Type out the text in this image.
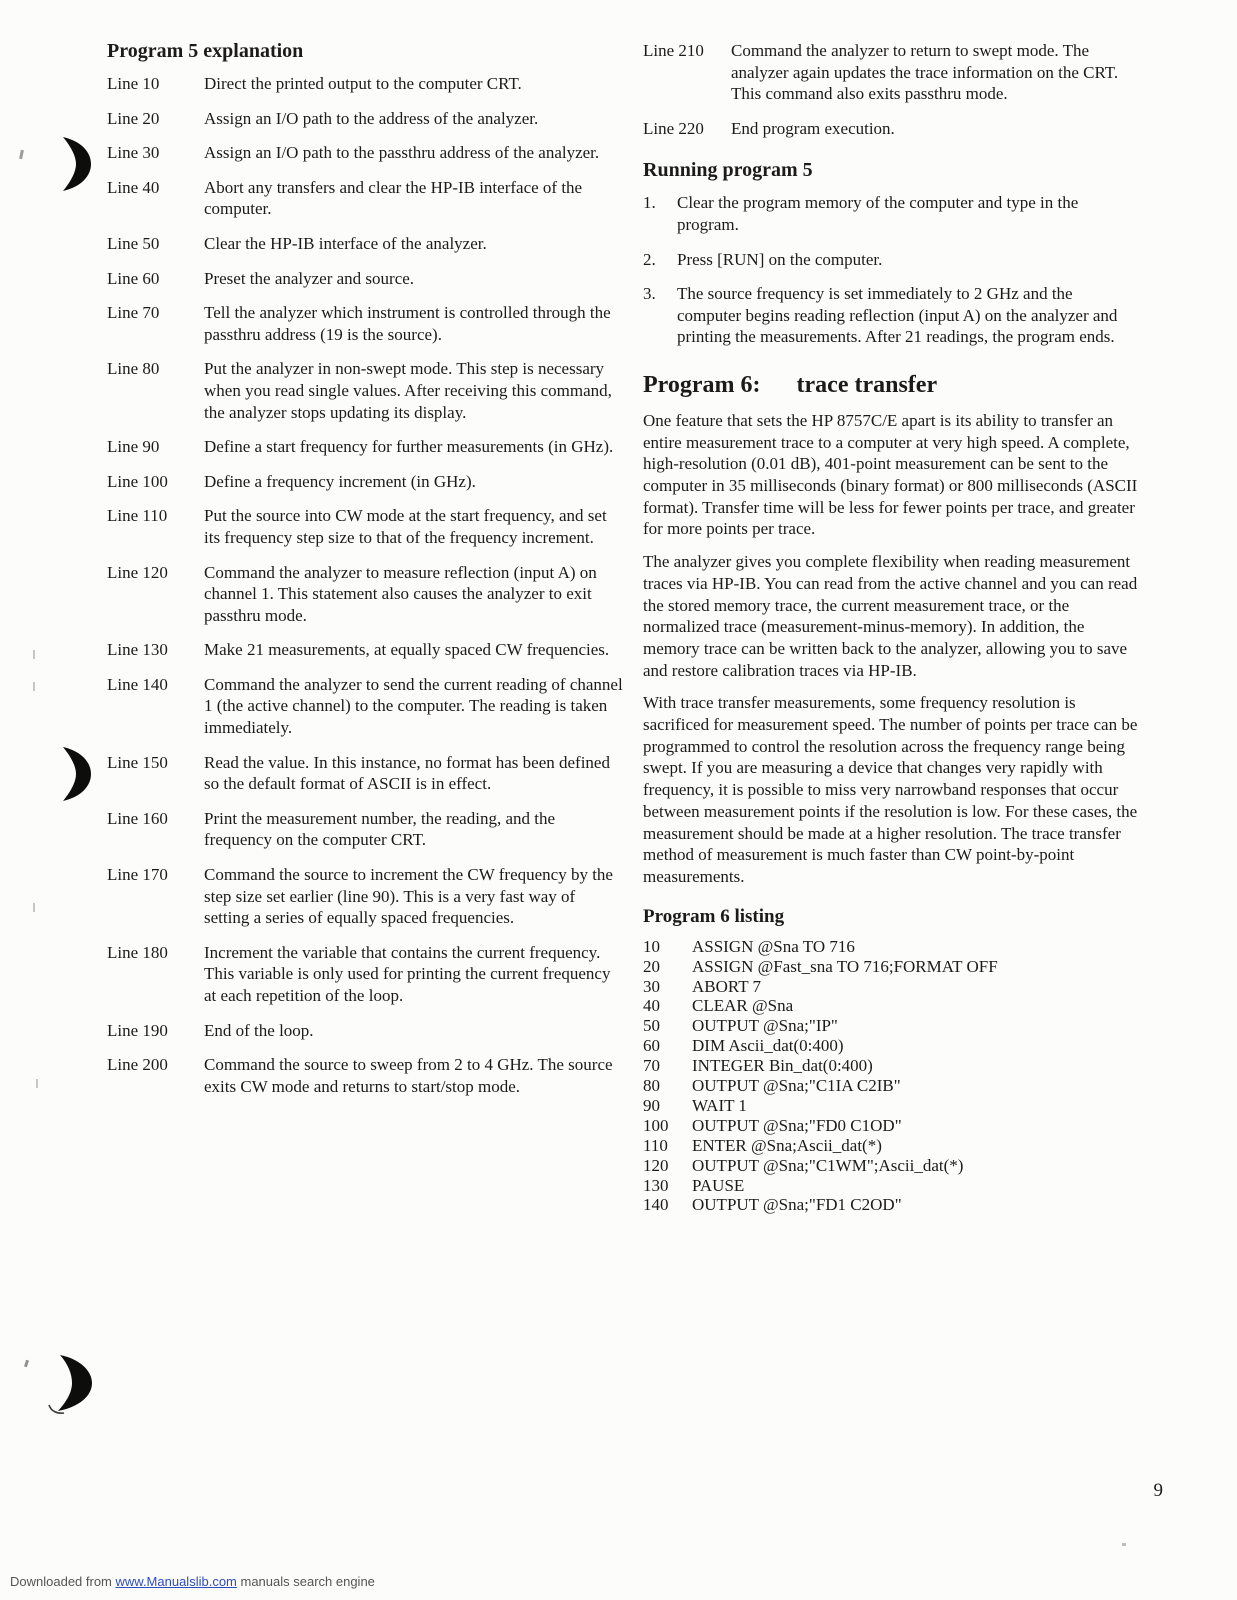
Program 5 explanation
Line 10	Direct the printed output to the computer CRT.
Line 20	Assign an I/O path to the address of the analyzer.
Line 30	Assign an I/O path to the passthru address of the analyzer.
Line 40	Abort any transfers and clear the HP-IB interface of the computer.
Line 50	Clear the HP-IB interface of the analyzer.
Line 60	Preset the analyzer and source.
Line 70	Tell the analyzer which instrument is controlled through the passthru address (19 is the source).
Line 80	Put the analyzer in non-swept mode. This step is necessary when you read single values. After receiving this command, the analyzer stops updating its display.
Line 90	Define a start frequency for further measurements (in GHz).
Line 100	Define a frequency increment (in GHz).
Line 110	Put the source into CW mode at the start frequency, and set its frequency step size to that of the frequency increment.
Line 120	Command the analyzer to measure reflection (input A) on channel 1. This statement also causes the analyzer to exit passthru mode.
Line 130	Make 21 measurements, at equally spaced CW frequencies.
Line 140	Command the analyzer to send the current reading of channel 1 (the active channel) to the computer. The reading is taken immediately.
Line 150	Read the value. In this instance, no format has been defined so the default format of ASCII is in effect.
Line 160	Print the measurement number, the reading, and the frequency on the computer CRT.
Line 170	Command the source to increment the CW frequency by the step size set earlier (line 90). This is a very fast way of setting a series of equally spaced frequencies.
Line 180	Increment the variable that contains the current frequency. This variable is only used for printing the current frequency at each repetition of the loop.
Line 190	End of the loop.
Line 200	Command the source to sweep from 2 to 4 GHz. The source exits CW mode and returns to start/stop mode.
Line 210	Command the analyzer to return to swept mode. The analyzer again updates the trace information on the CRT. This command also exits passthru mode.
Line 220	End program execution.
Running program 5
1.	Clear the program memory of the computer and type in the program.
2.	Press [RUN] on the computer.
3.	The source frequency is set immediately to 2 GHz and the computer begins reading reflection (input A) on the analyzer and printing the measurements. After 21 readings, the program ends.
Program 6: trace transfer

One feature that sets the HP 8757C/E apart is its ability to transfer an entire measurement trace to a computer at very high speed. A complete, high-resolution (0.01 dB), 401-point measurement can be sent to the computer in 35 milliseconds (binary format) or 800 milliseconds (ASCII format). Transfer time will be less for fewer points per trace, and greater for more points per trace.

The analyzer gives you complete flexibility when reading measurement traces via HP-IB. You can read from the active channel and you can read the stored memory trace, the current measurement trace, or the normalized trace (measurement-minus-memory). In addition, the memory trace can be written back to the analyzer, allowing you to save and restore calibration traces via HP-IB.

With trace transfer measurements, some frequency resolution is sacrificed for measurement speed. The number of points per trace can be programmed to control the resolution across the frequency range being swept. If you are measuring a device that changes very rapidly with frequency, it is possible to miss very narrowband responses that occur between measurement points if the resolution is low. For these cases, the measurement should be made at a higher resolution. The trace transfer method of measurement is much faster than CW point-by-point measurements.

Program 6 listing
10	ASSIGN @Sna TO 716
20	ASSIGN @Fast_sna TO 716;FORMAT OFF
30	ABORT 7
40	CLEAR @Sna
50	OUTPUT @Sna;"IP"
60	DIM Ascii_dat(0:400)
70	INTEGER Bin_dat(0:400)
80	OUTPUT @Sna;"C1IA C2IB"
90	WAIT 1
100	OUTPUT @Sna;"FD0 C1OD"
110	ENTER @Sna;Ascii_dat(*)
120	OUTPUT @Sna;"C1WM";Ascii_dat(*)
130	PAUSE
140	OUTPUT @Sna;"FD1 C2OD"
9
Downloaded from www.Manualslib.com manuals search engine
